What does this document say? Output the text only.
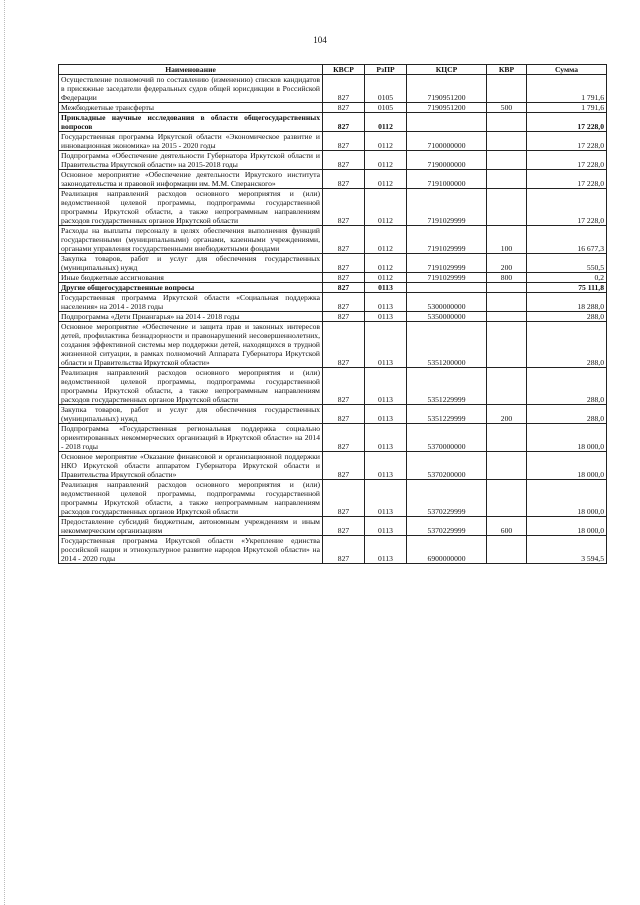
104
Наименование	КВСР	РзПР	КЦСР	КВР	Сумма
Осуществление полномочий по составлению (изменению) списков кандидатов в присяжные заседатели федеральных судов общей юрисдикции в Российской Федерации	827	0105	7190951200		1 791,6
Межбюджетные трансферты	827	0105	7190951200	500	1 791,6
Прикладные научные исследования в области общегосударственных вопросов	827	0112			17 228,0
Государственная программа Иркутской области «Экономическое развитие и инновационная экономика» на 2015 - 2020 годы	827	0112	7100000000		17 228,0
Подпрограмма «Обеспечение деятельности Губернатора Иркутской области и Правительства Иркутской области» на 2015-2018 годы	827	0112	7190000000		17 228,0
Основное мероприятие «Обеспечение деятельности Иркутского института законодательства и правовой информации им. М.М. Сперанского»	827	0112	7191000000		17 228,0
Реализация направлений расходов основного мероприятия и (или) ведомственной целевой программы, подпрограммы государственной программы Иркутской области, а также непрограммным направлениям расходов государственных органов Иркутской области	827	0112	7191029999		17 228,0
Расходы на выплаты персоналу в целях обеспечения выполнения функций государственными (муниципальными) органами, казенными учреждениями, органами управления государственными внебюджетными фондами	827	0112	7191029999	100	16 677,3
Закупка товаров, работ и услуг для обеспечения государственных (муниципальных) нужд	827	0112	7191029999	200	550,5
Иные бюджетные ассигнования	827	0112	7191029999	800	0,2
Другие общегосударственные вопросы	827	0113			75 111,8
Государственная программа Иркутской области «Социальная поддержка населения» на 2014 - 2018 годы	827	0113	5300000000		18 288,0
Подпрограмма «Дети Приангарья» на 2014 - 2018 годы	827	0113	5350000000		288,0
Основное мероприятие «Обеспечение и защита прав и законных интересов детей, профилактика безнадзорности и правонарушений несовершеннолетних, создания эффективной системы мер поддержки детей, находящихся в трудной жизненной ситуации, в рамках полномочий Аппарата Губернатора Иркутской области и Правительства Иркутской области»	827	0113	5351200000		288,0
Реализация направлений расходов основного мероприятия и (или) ведомственной целевой программы, подпрограммы государственной программы Иркутской области, а также непрограммным направлениям расходов государственных органов Иркутской области	827	0113	5351229999		288,0
Закупка товаров, работ и услуг для обеспечения государственных (муниципальных) нужд	827	0113	5351229999	200	288,0
Подпрограмма «Государственная региональная поддержка социально ориентированных некоммерческих организаций в Иркутской области» на 2014 - 2018 годы	827	0113	5370000000		18 000,0
Основное мероприятие «Оказание финансовой и организационной поддержки НКО Иркутской области аппаратом Губернатора Иркутской области и Правительства Иркутской области»	827	0113	5370200000		18 000,0
Реализация направлений расходов основного мероприятия и (или) ведомственной целевой программы, подпрограммы государственной программы Иркутской области, а также непрограммным направлениям расходов государственных органов Иркутской области	827	0113	5370229999		18 000,0
Предоставление субсидий бюджетным, автономным учреждениям и иным некоммерческим организациям	827	0113	5370229999	600	18 000,0
Государственная программа Иркутской области «Укрепление единства российской нации и этнокультурное развитие народов Иркутской области» на 2014 - 2020 годы	827	0113	6900000000		3 594,5
